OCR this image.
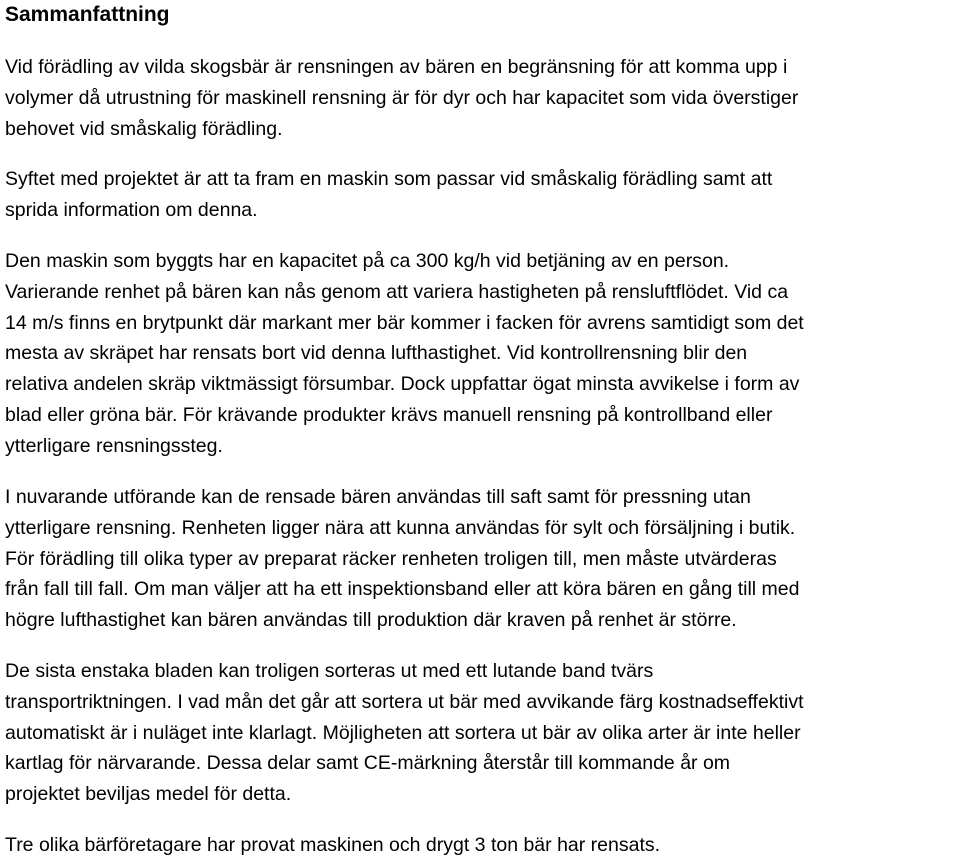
Sammanfattning

Vid förädling av vilda skogsbär är rensningen av bären en begränsning för att komma upp i
volymer då utrustning för maskinell rensning är för dyr och har kapacitet som vida överstiger
behovet vid småskalig förädling.

Syftet med projektet är att ta fram en maskin som passar vid småskalig förädling samt att
sprida information om denna.

Den maskin som byggts har en kapacitet på ca 300 kg/h vid betjäning av en person.
Varierande renhet på bären kan nås genom att variera hastigheten på rensluftflödet. Vid ca
14 m/s finns en brytpunkt där markant mer bär kommer i facken för avrens samtidigt som det
mesta av skräpet har rensats bort vid denna lufthastighet. Vid kontrollrensning blir den
relativa andelen skräp viktmässigt försumbar. Dock uppfattar ögat minsta avvikelse i form av
blad eller gröna bär. För krävande produkter krävs manuell rensning på kontrollband eller
ytterligare rensningssteg.

I nuvarande utförande kan de rensade bären användas till saft samt för pressning utan
ytterligare rensning. Renheten ligger nära att kunna användas för sylt och försäljning i butik.
För förädling till olika typer av preparat räcker renheten troligen till, men måste utvärderas
från fall till fall. Om man väljer att ha ett inspektionsband eller att köra bären en gång till med
högre lufthastighet kan bären användas till produktion där kraven på renhet är större.

De sista enstaka bladen kan troligen sorteras ut med ett lutande band tvärs
transportriktningen. I vad mån det går att sortera ut bär med avvikande färg kostnadseffektivt
automatiskt är i nuläget inte klarlagt. Möjligheten att sortera ut bär av olika arter är inte heller
kartlag för närvarande. Dessa delar samt CE-märkning återstår till kommande år om
projektet beviljas medel för detta.

Tre olika bärföretagare har provat maskinen och drygt 3 ton bär har rensats.
